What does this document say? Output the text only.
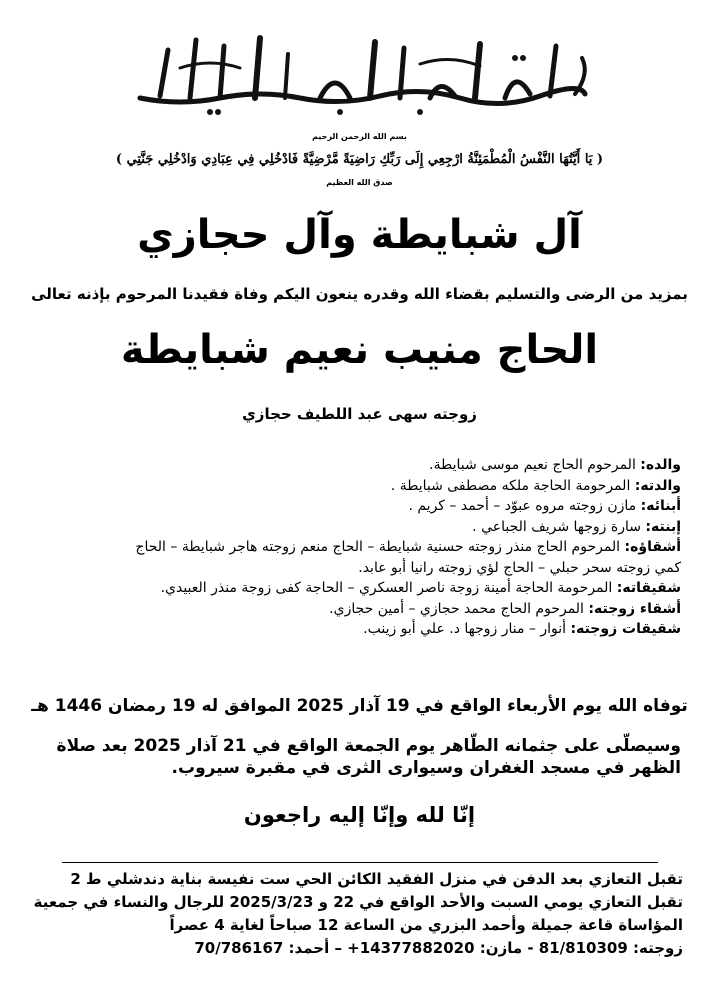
بسم الله الرحمن الرحيم
( يَا أَيَّتُهَا النَّفْسُ الْمُطْمَئِنَّةُ ارْجِعِي إِلَى رَبِّكِ رَاضِيَةً مَّرْضِيَّةً فَادْخُلِي فِي عِبَادِي وَادْخُلِي جَنَّتِي )
صدق الله العظيم
آل شبايطة وآل حجازي
بمزيد من الرضى والتسليم بقضاء الله وقدره ينعون اليكم وفاة فقيدنا المرحوم بإذنه تعالى
الحاج منيب نعيم شبايطة
زوجته سهى عبد اللطيف حجازي
والده: المرحوم الحاج نعيم موسى شبايطة.
والدته: المرحومة الحاجة ملكه مصطفى شبايطة .
أبنائه: مازن زوجته مروه عبوّد – أحمد – كريم .
إبنته: سارة زوجها شريف الجباعي .
أشقاؤه: المرحوم الحاج منذر زوجته حسنية شبايطة – الحاج منعم زوجته هاجر شبايطة – الحاج
كمي زوجته سحر حبلي – الحاج لؤي زوجته رانيا أبو عابد.
شقيقاته: المرحومة الحاجة أمينة زوجة ناصر العسكري – الحاجة كفى زوجة منذر العبيدي.
أشقاء زوجته: المرحوم الحاج محمد حجازي – أمين حجازي.
شقيقات زوجته: أنوار – منار زوجها د. علي أبو زينب.
توفاه الله يوم الأربعاء الواقع في 19 آذار 2025 الموافق له 19 رمضان 1446 هـ
وسيصلّى على جثمانه الطّاهر يوم الجمعة الواقع في 21 آذار 2025 بعد صلاة
الظهر في مسجد الغفران وسيوارى الثرى في مقبرة سيروب.
إنّا لله وإنّا إليه راجعون
تقبل التعازي بعد الدفن في منزل الفقيد الكائن الحي ست نفيسة بناية دندشلي ط 2
تقبل التعازي يومي السبت والأحد الواقع في 22 و 2025/3/23 للرجال والنساء في جمعية
المؤاساة قاعة جميلة وأحمد البزري من الساعة 12 صباحاً لغاية 4 عصراً
زوجته: 81/810309 - مازن: 14377882020+ – أحمد: 70/786167
